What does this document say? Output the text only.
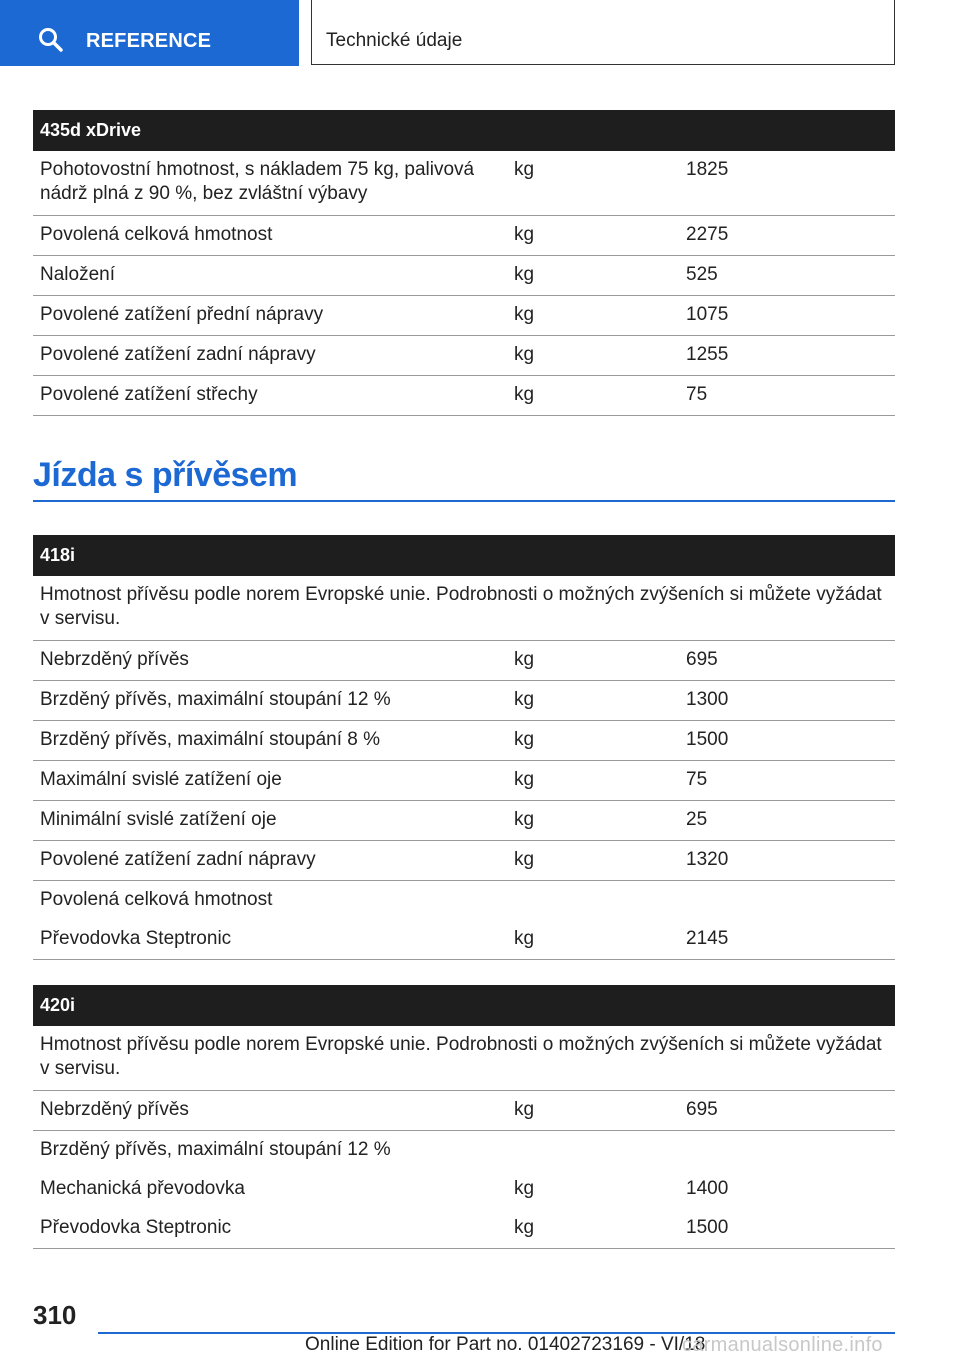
REFERENCE	Technické údaje
435d xDrive		
Pohotovostní hmotnost, s nákladem 75 kg, palivová nádrž plná z 90 %, bez zvláštní výbavy	kg	1825
Povolená celková hmotnost	kg	2275
Naložení	kg	525
Povolené zatížení přední nápravy	kg	1075
Povolené zatížení zadní nápravy	kg	1255
Povolené zatížení střechy	kg	75
Jízda s přívěsem
418i		
Hmotnost přívěsu podle norem Evropské unie. Podrobnosti o možných zvýšeních si můžete vyžádat v servisu.		
Nebrzděný přívěs	kg	695
Brzděný přívěs, maximální stoupání 12 %	kg	1300
Brzděný přívěs, maximální stoupání 8 %	kg	1500
Maximální svislé zatížení oje	kg	75
Minimální svislé zatížení oje	kg	25
Povolené zatížení zadní nápravy	kg	1320
Povolená celková hmotnost		
Převodovka Steptronic	kg	2145
420i		
Hmotnost přívěsu podle norem Evropské unie. Podrobnosti o možných zvýšeních si můžete vyžádat v servisu.		
Nebrzděný přívěs	kg	695
Brzděný přívěs, maximální stoupání 12 %		
Mechanická převodovka	kg	1400
Převodovka Steptronic	kg	1500
310
Online Edition for Part no. 01402723169 - VI/18
carmanualsonline.info
